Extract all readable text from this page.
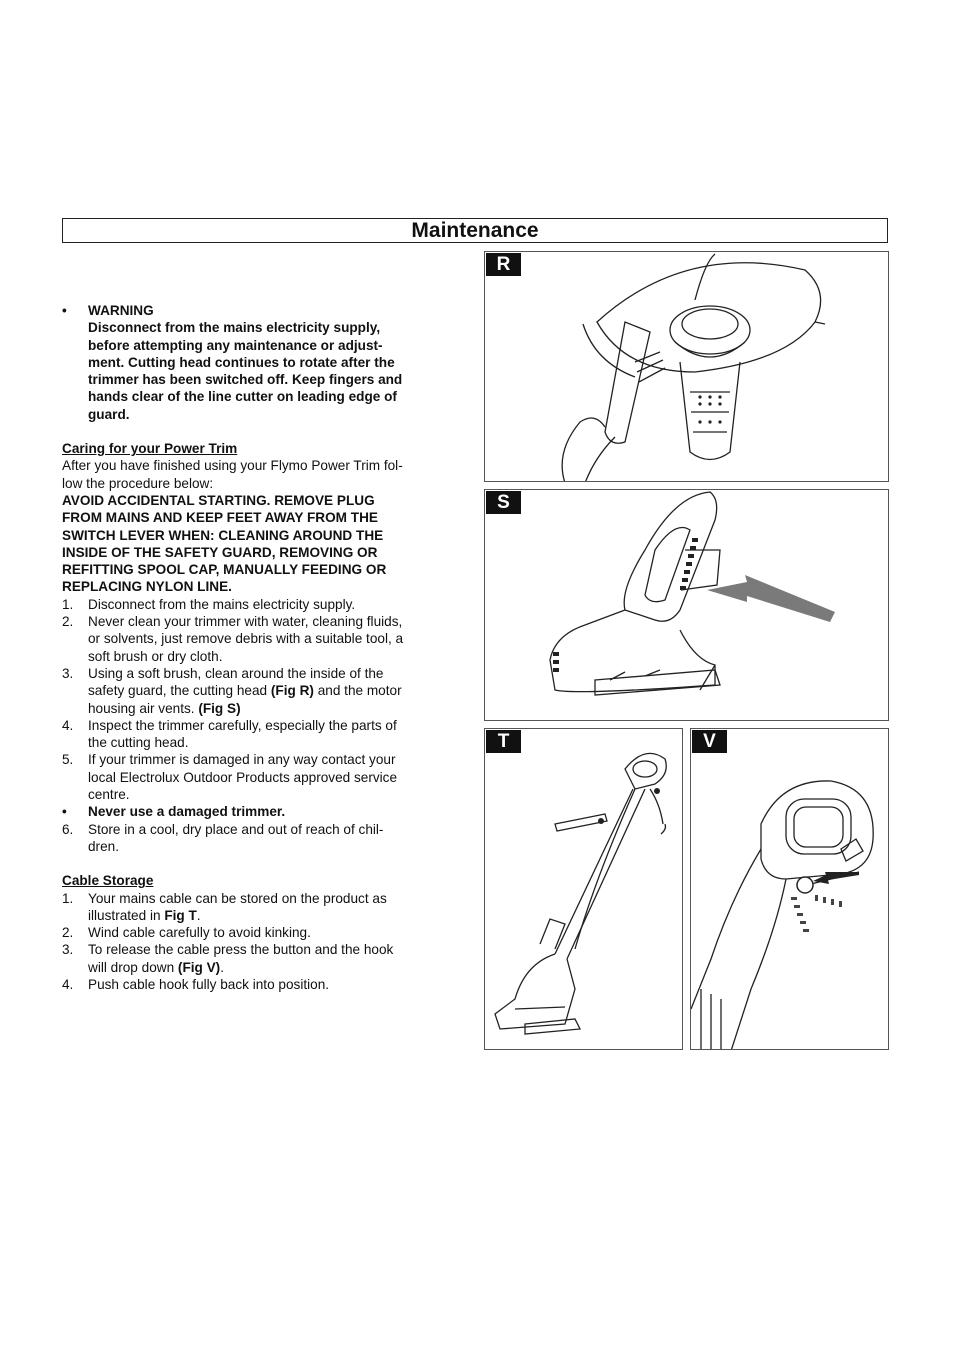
Maintenance
• WARNING

Disconnect from the mains electricity supply,

before attempting any maintenance or adjust-

ment. Cutting head continues to rotate after the

trimmer has been switched off. Keep fingers and

hands clear of the line cutter on leading edge of

guard.

Caring for your Power Trim

After you have finished using your Flymo Power Trim fol-

low the procedure below:

AVOID ACCIDENTAL STARTING. REMOVE PLUG

FROM MAINS AND KEEP FEET AWAY FROM THE

SWITCH LEVER WHEN: CLEANING AROUND THE

INSIDE OF THE SAFETY GUARD, REMOVING OR

REFITTING SPOOL CAP, MANUALLY FEEDING OR

REPLACING NYLON LINE.

1. Disconnect from the mains electricity supply.

2. Never clean your trimmer with water, cleaning fluids,

or solvents, just remove debris with a suitable tool, a

soft brush or dry cloth.

3. Using a soft brush, clean around the inside of the

safety guard, the cutting head (Fig R) and the motor

housing air vents. (Fig S)

4. Inspect the trimmer carefully, especially the parts of

the cutting head.

5. If your trimmer is damaged in any way contact your

local Electrolux Outdoor Products approved service

centre.

• Never use a damaged trimmer.

6. Store in a cool, dry place and out of reach of chil-

dren.

Cable Storage

1. Your mains cable can be stored on the product as

illustrated in Fig T.

2. Wind cable carefully to avoid kinking.

3. To release the cable press the button and the hook

will drop down (Fig V).

4. Push cable hook fully back into position.

R
S
T	V
